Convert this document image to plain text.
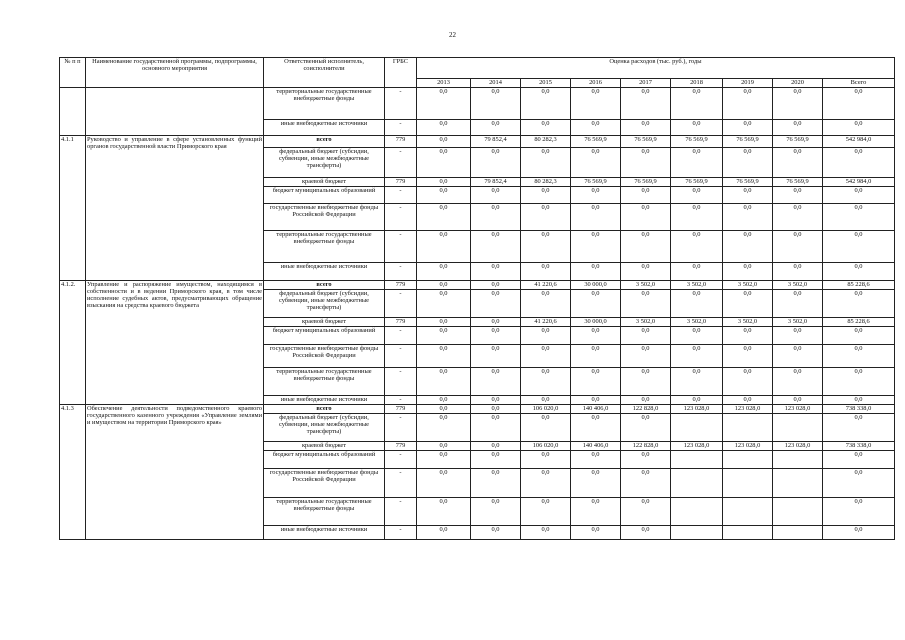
22
№ п п	Наименование государственной программы, подпрограммы, основного мероприятия	Ответственный исполнитель, соисполнители	ГРБС	Оценка расходов (тыс. руб.), годы								
				2013	2014	2015	2016	2017	2018	2019	2020	Всего
		территориальные государственные внебюджетные фонды	-	0,0	0,0	0,0	0,0	0,0	0,0	0,0	0,0	0,0
		иные внебюджетные источники	-	0,0	0,0	0,0	0,0	0,0	0,0	0,0	0,0	0,0
4.1.1	Руководство и управление в сфере установленных функций органов государственной власти Приморского края	всего	779	0,0	79 852,4	80 282,3	76 569,9	76 569,9	76 569,9	76 569,9	76 569,9	542 984,0
		федеральный бюджет (субсидии, субвенции, иные межбюджетные трансферты)	-	0,0	0,0	0,0	0,0	0,0	0,0	0,0	0,0	0,0
		краевой бюджет	779	0,0	79 852,4	80 282,3	76 569,9	76 569,9	76 569,9	76 569,9	76 569,9	542 984,0
		бюджет муниципальных образований	-	0,0	0,0	0,0	0,0	0,0	0,0	0,0	0,0	0,0
		государственные внебюджетные фонды Российской Федерации	-	0,0	0,0	0,0	0,0	0,0	0,0	0,0	0,0	0,0
		территориальные государственные внебюджетные фонды	-	0,0	0,0	0,0	0,0	0,0	0,0	0,0	0,0	0,0
		иные внебюджетные источники	-	0,0	0,0	0,0	0,0	0,0	0,0	0,0	0,0	0,0
4.1.2.	Управление и распоряжение имуществом, находящимся в собственности и в ведении Приморского края, в том числе исполнение судебных актов, предусматривающих обращение взыскания на средства краевого бюджета	всего	779	0,0	0,0	41 220,6	30 000,0	3 502,0	3 502,0	3 502,0	3 502,0	85 228,6
		федеральный бюджет (субсидии, субвенции, иные межбюджетные трансферты)	-	0,0	0,0	0,0	0,0	0,0	0,0	0,0	0,0	0,0
		краевой бюджет	779	0,0	0,0	41 220,6	30 000,0	3 502,0	3 502,0	3 502,0	3 502,0	85 228,6
		бюджет муниципальных образований	-	0,0	0,0	0,0	0,0	0,0	0,0	0,0	0,0	0,0
		государственные внебюджетные фонды Российской Федерации	-	0,0	0,0	0,0	0,0	0,0	0,0	0,0	0,0	0,0
		территориальные государственные внебюджетные фонды	-	0,0	0,0	0,0	0,0	0,0	0,0	0,0	0,0	0,0
		иные внебюджетные источники	-	0,0	0,0	0,0	0,0	0,0	0,0	0,0	0,0	0,0
4.1.3	Обеспечение деятельности подведомственного краевого государственного казенного учреждения «Управление землями и имуществом на территории Приморского края»	всего	779	0,0	0,0	106 020,0	140 406,0	122 828,0	123 028,0	123 028,0	123 028,0	738 338,0
		федеральный бюджет (субсидии, субвенции, иные межбюджетные трансферты)	-	0,0	0,0	0,0	0,0	0,0				0,0
		краевой бюджет	779	0,0	0,0	106 020,0	140 406,0	122 828,0	123 028,0	123 028,0	123 028,0	738 338,0
		бюджет муниципальных образований	-	0,0	0,0	0,0	0,0	0,0				0,0
		государственные внебюджетные фонды Российской Федерации	-	0,0	0,0	0,0	0,0	0,0				0,0
		территориальные государственные внебюджетные фонды	-	0,0	0,0	0,0	0,0	0,0				0,0
		иные внебюджетные источники	-	0,0	0,0	0,0	0,0	0,0				0,0
